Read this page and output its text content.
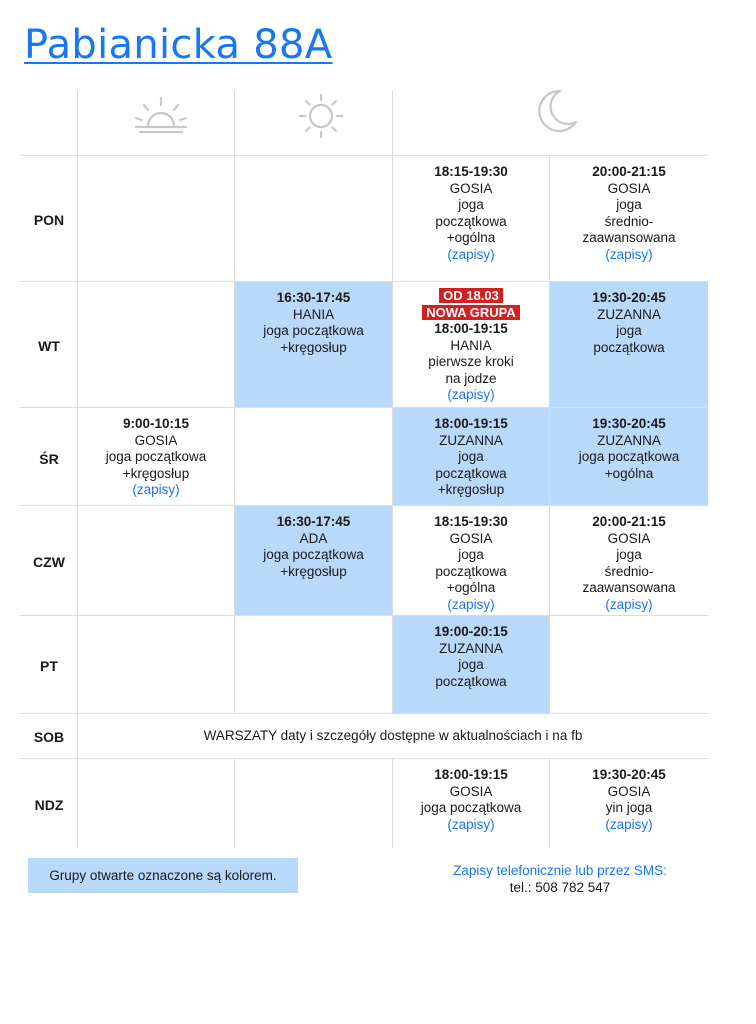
Pabianicka 88A
PON
WT
ŚR
CZW
PT
SOB
NDZ
18:15-19:30
GOSIA
joga
początkowa
+ogólna
(zapisy)
20:00-21:15
GOSIA
joga
średnio-
zaawansowana
(zapisy)
16:30-17:45
HANIA
joga początkowa
+kręgosłup
OD 18.03
NOWA GRUPA
18:00-19:15
HANIA
pierwsze kroki
na jodze
(zapisy)
19:30-20:45
ZUZANNA
joga
początkowa
9:00-10:15
GOSIA
joga początkowa
+kręgosłup
(zapisy)
18:00-19:15
ZUZANNA
joga
początkowa
+kręgosłup
19:30-20:45
ZUZANNA
joga początkowa
+ogólna
16:30-17:45
ADA
joga początkowa
+kręgosłup
18:15-19:30
GOSIA
joga
początkowa
+ogólna
(zapisy)
20:00-21:15
GOSIA
joga
średnio-
zaawansowana
(zapisy)
19:00-20:15
ZUZANNA
joga
początkowa
WARSZATY daty i szczegóły dostępne w aktualnościach i na fb
18:00-19:15
GOSIA
joga początkowa
(zapisy)
19:30-20:45
GOSIA
yin joga
(zapisy)
Grupy otwarte oznaczone są kolorem.	Zapisy telefonicznie lub przez SMS:
tel.: 508 782 547
